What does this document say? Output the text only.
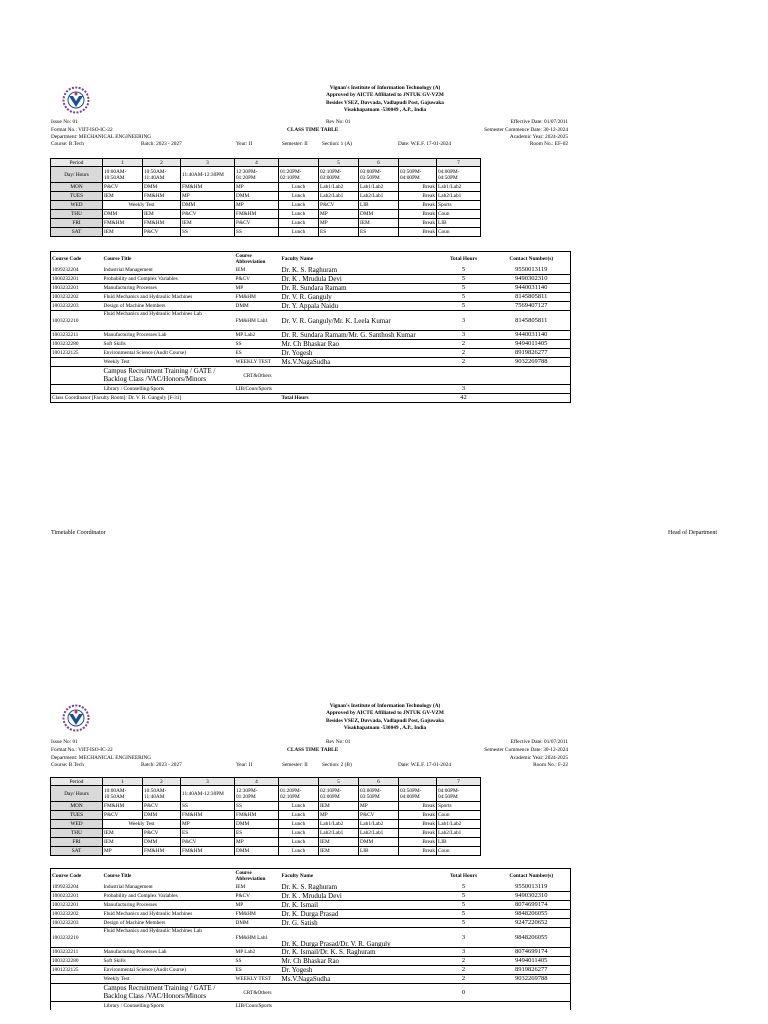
Vignan's Institute of Information Technology (A)
Approved by AICTE Affiliated to JNTUK GV-VZM
Besides VSEZ, Duvvada, Vadlapudi Post, Gajuwaka
Visakhapatnam -530049 , A.P., India
Issue No: 01	Rev No: 01	Effective Date: 01/07/2011
Format No.: VIIT-ISO-IC-22	CLASS TIME TABLE	Semester Commence Date: 30-12-2024
Department: MECHANICAL ENGINEERING	Academic Year: 2024-2025
Course: B.Tech	Batch: 2023 - 2027	Year: II	Semester: II	Section: 1 (A)	Date: W.E.F. 17-01-2024	Room No.: EF-02
Period	1	2	3	4		5	6		7
Day/ Hours	10:00AM-10:50AM	10:50AM-11:40AM	11:40AM-12:30PM	12:30PM-01:20PM	01:20PM-02:10PM	02:10PM-03:00PM	03:00PM-03:50PM	03:50PM-04:00PM	04:00PM-04:50PM
MON	P&CV	DMM	FM&HM	MP	Lunch	Lab1/Lab2	Lab1/Lab2	Break	Lab1/Lab2
TUES	IEM	FM&HM	MP	DMM	Lunch	Lab2/Lab1	Lab2/Lab1	Break	Lab2/Lab1
WED	Weekly Test		DMM	MP	Lunch	P&CV	LIB	Break	Sports
THU	DMM	IEM	P&CV	FM&HM	Lunch	MP	DMM	Break	Coun
FRI	FM&HM	FM&HM	IEM	P&CV	Lunch	MP	IEM	Break	LIB
SAT	IEM	P&CV	SS	SS	Lunch	ES	ES	Break	Coun
Course Code	Course Title	Course Abbreviation	Faculty Name	Total Hours	Contact Number(s)
1099232204	Industrial Management	IEM	Dr. K. S. Raghuram	5	9550013119
1000232201	Probability and Complex Variables	P&CV	Dr. K . Mrudula Devi	5	9490302310
1003232201	Manufacturing Processes	MP	Dr. R. Sundara Ramam	5	9440031140
1003232202	Fluid Mechanics and Hydraulic Machines	FM&HM	Dr. V. R. Ganguly	5	8145805811
1003232203	Design of Machine Members	DMM	Dr. Y. Appala Naidu	5	7569407127
1003232210	Fluid Mechanics and Hydraulic Machines Lab	FM&HM Lab1	Dr. V. R. Ganguly/Mr. K. Leela Kumar	3	8145805811
1003232211	Manufacturing Processes Lab	MP Lab2	Dr. R. Sundara Ramam/Mr. G. Santhosh Kumar	3	9440031140
1003232280	Soft Skills	SS	Mr. Ch Bhaskar Rao	2	9494011405
1001232125	Environmental Science (Audit Course)	ES	Dr. Yogesh	2	8919826277
	Weekly Test	WEEKLY TEST	Ms.V.NagaSudha	2	9032269788
	Campus Recruitment Training / GATE / Backlog Class /VAC/Honors/Minors	CRT&Others			
	Library / Counselling/Sports	LIB/Coun/Sports		3	
Class Coordinator [Faculty Room]: Dr. V. R. Ganguly [F-31]			Total Hours	42	
Timetable Coordinator	Head of Department
Vignan's Institute of Information Technology (A)
Approved by AICTE Affiliated to JNTUK GV-VZM
Besides VSEZ, Duvvada, Vadlapudi Post, Gajuwaka
Visakhapatnam -530049 , A.P., India
Issue No: 01	Rev No: 01	Effective Date: 01/07/2011
Format No.: VIIT-ISO-IC-22	CLASS TIME TABLE	Semester Commence Date: 30-12-2024
Department: MECHANICAL ENGINEERING	Academic Year: 2024-2025
Course: B.Tech	Batch: 2023 - 2027	Year: II	Semester: II	Section: 2 (B)	Date: W.E.F. 17-01-2024	Room No.: F-22
Period	1	2	3	4		5	6		7
Day/ Hours	10:00AM-10:50AM	10:50AM-11:40AM	11:40AM-12:30PM	12:30PM-01:20PM	01:20PM-02:10PM	02:10PM-03:00PM	03:00PM-03:50PM	03:50PM-04:00PM	04:00PM-04:50PM
MON	FM&HM	P&CV	SS	SS	Lunch	IEM	MP	Break	Sports
TUES	P&CV	DMM	FM&HM	FM&HM	Lunch	MP	P&CV	Break	Coun
WED	Weekly Test		MP	DMM	Lunch	Lab1/Lab2	Lab1/Lab2	Break	Lab1/Lab2
THU	IEM	P&CV	ES	ES	Lunch	Lab2/Lab1	Lab2/Lab1	Break	Lab2/Lab1
FRI	IEM	DMM	P&CV	MP	Lunch	IEM	DMM	Break	LIB
SAT	MP	FM&HM	FM&HM	DMM	Lunch	IEM	LIB	Break	Coun
Course Code	Course Title	Course Abbreviation	Faculty Name	Total Hours	Contact Number(s)
1099232204	Industrial Management	IEM	Dr. K. S. Raghuram	5	9550013119
1000232201	Probability and Complex Variables	P&CV	Dr. K . Mrudula Devi	5	9490302310
1003232201	Manufacturing Processes	MP	Dr. K. Ismail	5	8074699174
1003232202	Fluid Mechanics and Hydraulic Machines	FM&HM	Dr. K. Durga Prasad	5	9848206055
1003232203	Design of Machine Members	DMM	Dr. G. Satish	5	9247220652
1003232210	Fluid Mechanics and Hydraulic Machines Lab	FM&HM Lab1	Dr. K. Durga Prasad/Dr. V. R. Ganguly	3	9848206055
1003232211	Manufacturing Processes Lab	MP Lab2	Dr. K. Ismail/Dr. K. S. Raghuram	3	8074699174
1003232280	Soft Skills	SS	Mr. Ch Bhaskar Rao	2	9494011405
1001232125	Environmental Science (Audit Course)	ES	Dr. Yogesh	2	8919826277
	Weekly Test	WEEKLY TEST	Ms.V.NagaSudha	2	9032269788
	Campus Recruitment Training / GATE / Backlog Class /VAC/Honors/Minors	CRT&Others		0	
	Library / Counselling/Sports	LIB/Coun/Sports			
